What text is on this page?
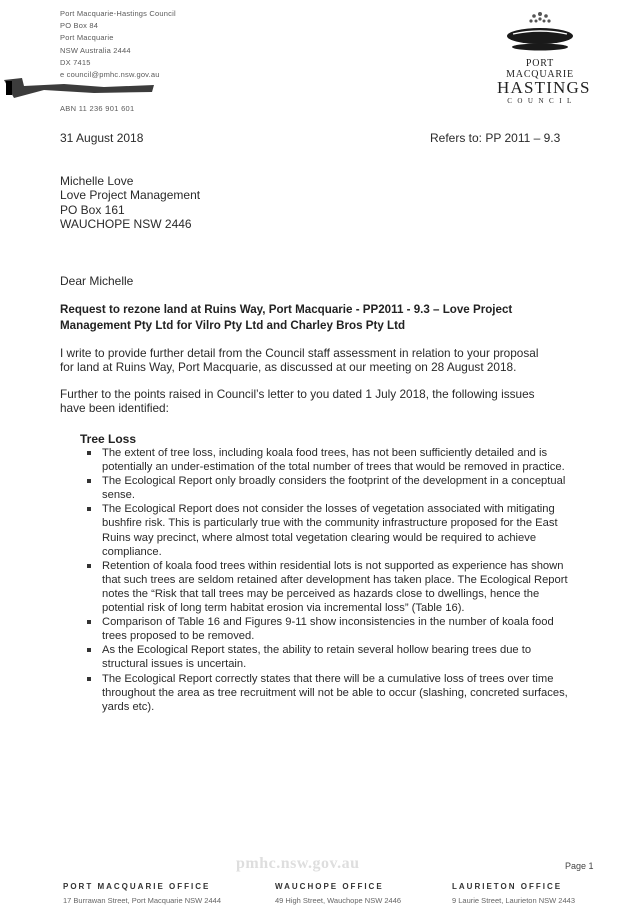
Port Macquarie-Hastings Council
PO Box 84
Port Macquarie
NSW Australia 2444
DX 7415
e council@pmhc.nsw.gov.au
ABN 11 236 901 601
PORT MACQUARIE
HASTINGS
COUNCIL
31 August 2018	Refers to: PP 2011 – 9.3
Michelle Love
Love Project Management
PO Box 161
WAUCHOPE NSW 2446
Dear Michelle
Request to rezone land at Ruins Way, Port Macquarie - PP2011 - 9.3 – Love Project Management Pty Ltd for Vilro Pty Ltd and Charley Bros Pty Ltd
I write to provide further detail from the Council staff assessment in relation to your proposal for land at Ruins Way, Port Macquarie, as discussed at our meeting on 28 August 2018.
Further to the points raised in Council’s letter to you dated 1 July 2018, the following issues have been identified:
Tree Loss
The extent of tree loss, including koala food trees, has not been sufficiently detailed and is potentially an under-estimation of the total number of trees that would be removed in practice.
The Ecological Report only broadly considers the footprint of the development in a conceptual sense.
The Ecological Report does not consider the losses of vegetation associated with mitigating bushfire risk. This is particularly true with the community infrastructure proposed for the East Ruins way precinct, where almost total vegetation clearing would be required to achieve compliance.
Retention of koala food trees within residential lots is not supported as experience has shown that such trees are seldom retained after development has taken place. The Ecological Report notes the “Risk that tall trees may be perceived as hazards close to dwellings, hence the potential risk of long term habitat erosion via incremental loss” (Table 16).
Comparison of Table 16 and Figures 9-11 show inconsistencies in the number of koala food trees proposed to be removed.
As the Ecological Report states, the ability to retain several hollow bearing trees due to structural issues is uncertain.
The Ecological Report correctly states that there will be a cumulative loss of trees over time throughout the area as tree recruitment will not be able to occur (slashing, concreted surfaces, yards etc).
pmhc.nsw.gov.au	Page 1
PORT MACQUARIE OFFICE
17 Burrawan Street, Port Macquarie NSW 2444
WAUCHOPE OFFICE
49 High Street, Wauchope NSW 2446
LAURIETON OFFICE
9 Laurie Street, Laurieton NSW 2443
